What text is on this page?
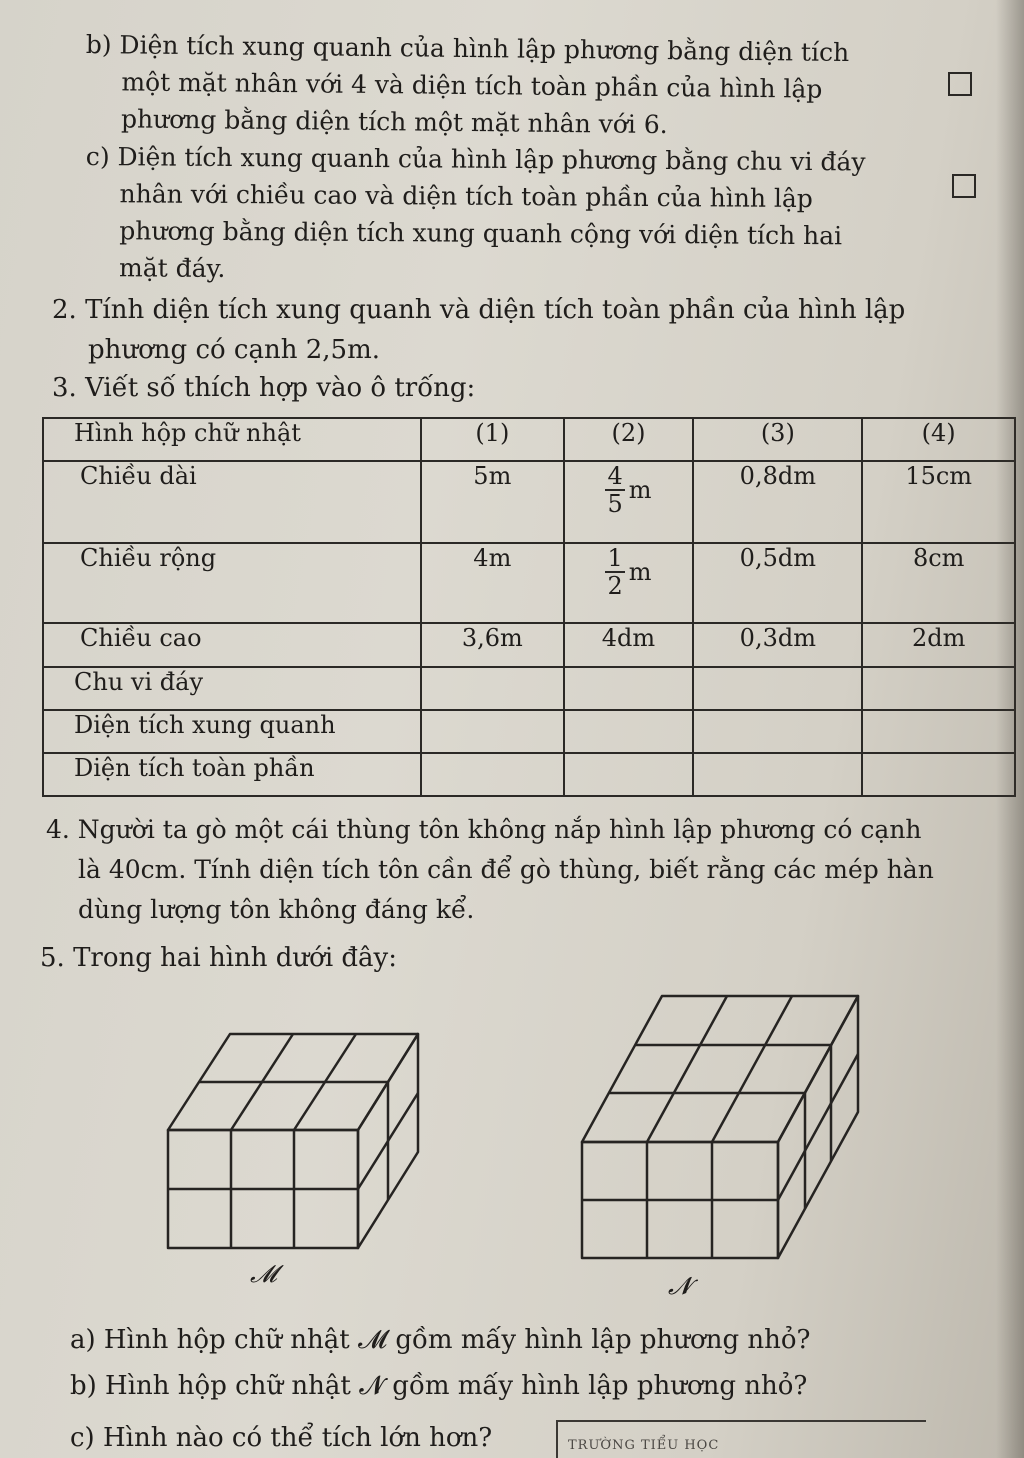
b) Diện tích xung quanh của hình lập phương bằng diện tích
một mặt nhân với 4 và diện tích toàn phần của hình lập
phương bằng diện tích một mặt nhân với 6.
c) Diện tích xung quanh của hình lập phương bằng chu vi đáy
nhân với chiều cao và diện tích toàn phần của hình lập
phương bằng diện tích xung quanh cộng với diện tích hai
mặt đáy.
2. Tính diện tích xung quanh và diện tích toàn phần của hình lập
phương có cạnh 2,5m.
3. Viết số thích hợp vào ô trống:
Hình hộp chữ nhật	(1)	(2)	(3)	(4)
Chiều dài	5m	$\frac{4}{5}$ m	0,8dm	15cm
Chiều rộng	4m	$\frac{1}{2}$ m	0,5dm	8cm
Chiều cao	3,6m	4dm	0,3dm	2dm
Chu vi đáy				
Diện tích xung quanh				
Diện tích toàn phần				
4. Người ta gò một cái thùng tôn không nắp hình lập phương có cạnh
là 40cm. Tính diện tích tôn cần để gò thùng, biết rằng các mép hàn
dùng lượng tôn không đáng kể.
5. Trong hai hình dưới đây:
𝓜	𝓝
a) Hình hộp chữ nhật 𝓜 gồm mấy hình lập phương nhỏ?
b) Hình hộp chữ nhật 𝓝 gồm mấy hình lập phương nhỏ?
c) Hình nào có thể tích lớn hơn?	TRƯỜNG TIỂU HỌC
